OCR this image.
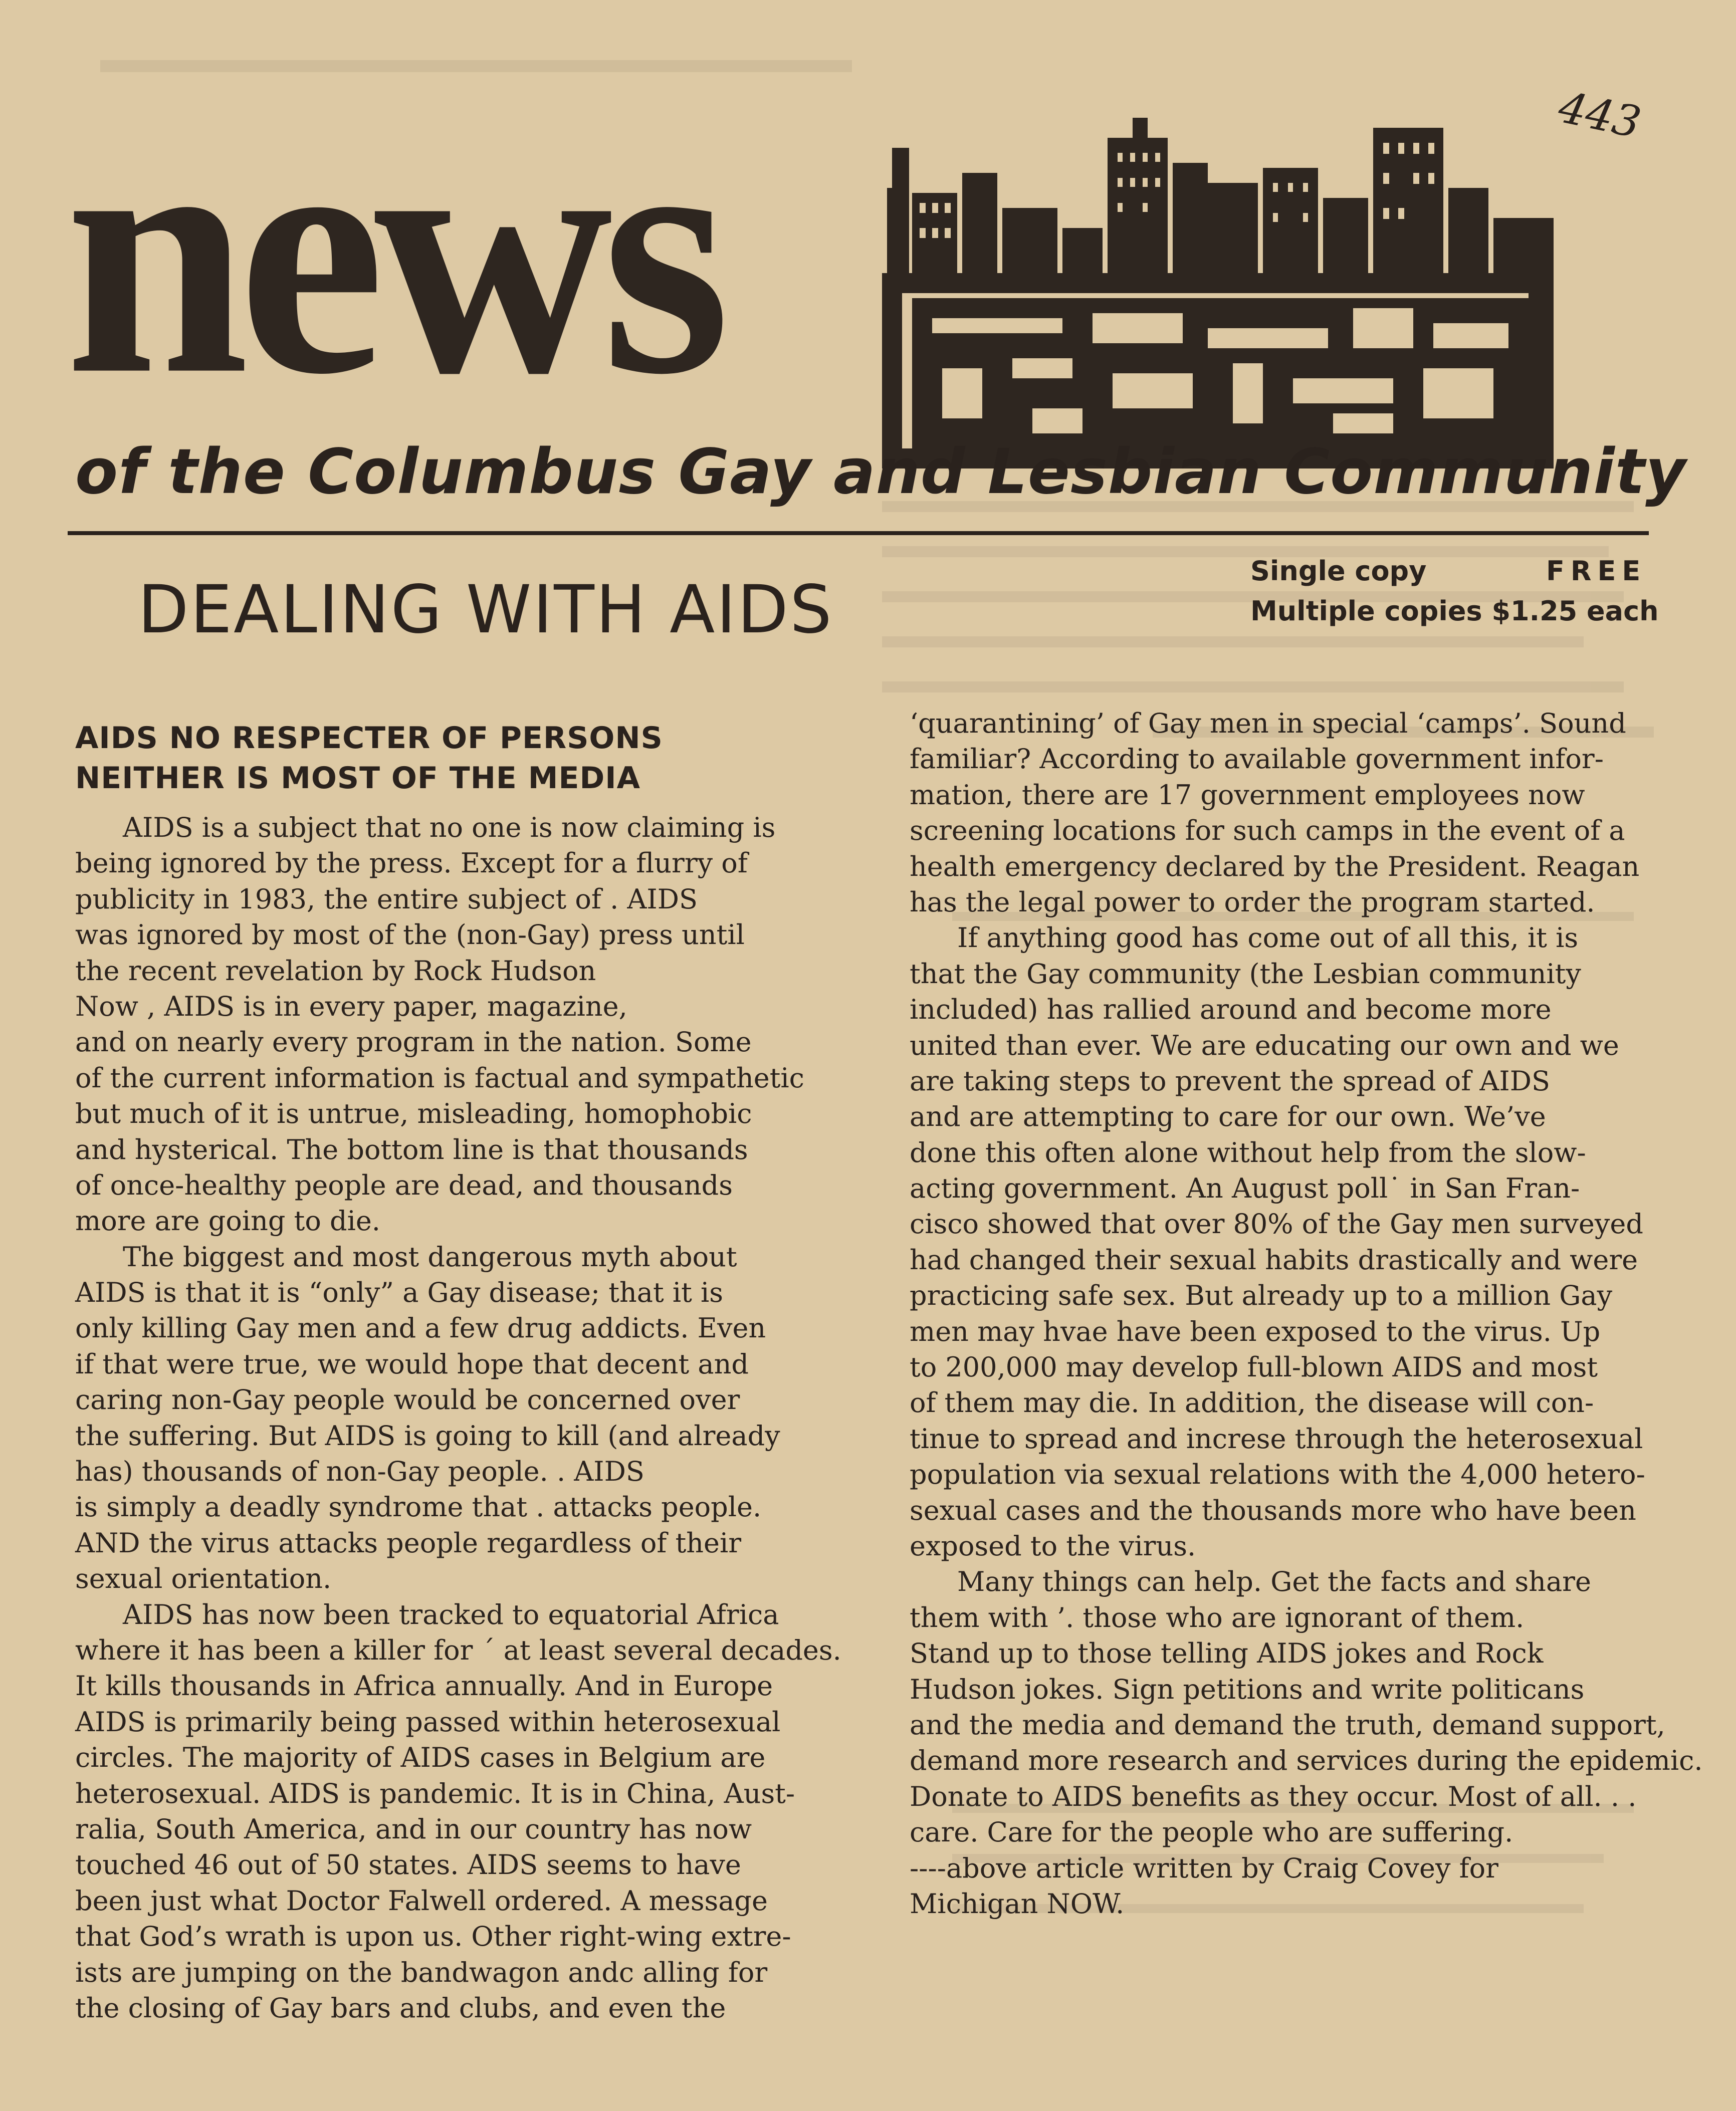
443
news
of the Columbus Gay and Lesbian Community
DEALING WITH AIDS
Single copy	FREE
Multiple copies $1.25 each
AIDS NO RESPECTER OF PERSONS
NEITHER IS MOST OF THE MEDIA
AIDS is a subject that no one is now claiming is
being ignored by the press. Except for a flurry of
publicity in 1983, the entire subject of . AIDS
was ignored by most of the (non-Gay) press until
the recent revelation by Rock Hudson
Now , AIDS is in every paper, magazine,
and on nearly every program in the nation. Some
of the current information is factual and sympathetic
but much of it is untrue, misleading, homophobic
and hysterical. The bottom line is that thousands
of once-healthy people are dead, and thousands
more are going to die.
The biggest and most dangerous myth about
AIDS is that it is “only” a Gay disease; that it is
only killing Gay men and a few drug addicts. Even
if that were true, we would hope that decent and
caring non-Gay people would be concerned over
the suffering. But AIDS is going to kill (and already
has) thousands of non-Gay people. . AIDS
is simply a deadly syndrome that . attacks people.
AND the virus attacks people regardless of their
sexual orientation.
AIDS has now been tracked to equatorial Africa
where it has been a killer for ´ at least several decades.
It kills thousands in Africa annually. And in Europe
AIDS is primarily being passed within heterosexual
circles. The majority of AIDS cases in Belgium are
heterosexual. AIDS is pandemic. It is in China, Aust-
ralia, South America, and in our country has now
touched 46 out of 50 states. AIDS seems to have
been just what Doctor Falwell ordered. A message
that God’s wrath is upon us. Other right-wing extre-
ists are jumping on the bandwagon andc alling for
the closing of Gay bars and clubs, and even the
‘quarantining’ of Gay men in special ‘camps’. Sound
familiar? According to available government infor-
mation, there are 17 government employees now
screening locations for such camps in the event of a
health emergency declared by the President. Reagan
has the legal power to order the program started.
If anything good has come out of all this, it is
that the Gay community (the Lesbian community
included) has rallied around and become more
united than ever. We are educating our own and we
are taking steps to prevent the spread of AIDS
and are attempting to care for our own. We’ve
done this often alone without help from the slow-
acting government. An August poll˙ in San Fran-
cisco showed that over 80% of the Gay men surveyed
had changed their sexual habits drastically and were
practicing safe sex. But already up to a million Gay
men may hvae have been exposed to the virus. Up
to 200,000 may develop full-blown AIDS and most
of them may die. In addition, the disease will con-
tinue to spread and increse through the heterosexual
population via sexual relations with the 4,000 hetero-
sexual cases and the thousands more who have been
exposed to the virus.
Many things can help. Get the facts and share
them with ’. those who are ignorant of them.
Stand up to those telling AIDS jokes and Rock
Hudson jokes. Sign petitions and write politicans
and the media and demand the truth, demand support,
demand more research and services during the epidemic.
Donate to AIDS benefits as they occur. Most of all. . .
care. Care for the people who are suffering.
----above article written by Craig Covey for
Michigan NOW.
